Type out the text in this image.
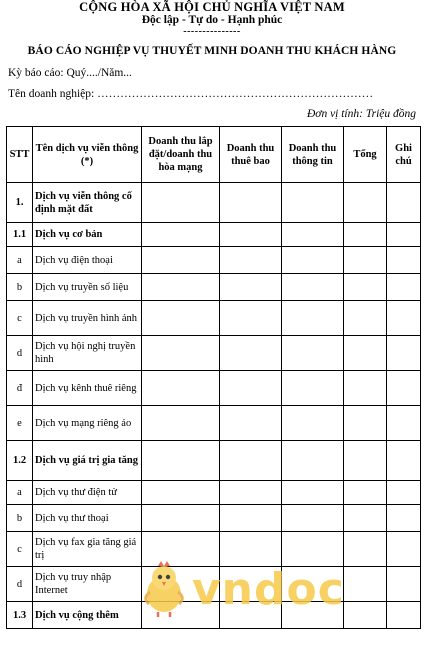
CỘNG HÒA XÃ HỘI CHỦ NGHĨA VIỆT NAM
Độc lập - Tự do - Hạnh phúc
---------------
BÁO CÁO NGHIỆP VỤ THUYẾT MINH DOANH THU KHÁCH HÀNG
Kỳ báo cáo: Quý..../Năm...
Tên doanh nghiệp: ………………………………………………………………
Đơn vị tính: Triệu đồng
STT	Tên dịch vụ viễn thông (*)	Doanh thu lắp đặt/doanh thu hòa mạng	Doanh thu thuê bao	Doanh thu thông tin	Tổng	Ghi chú
1.	Dịch vụ viễn thông cố định mặt đất					
1.1	Dịch vụ cơ bản					
a	Dịch vụ điện thoại					
b	Dịch vụ truyền số liệu					
c	Dịch vụ truyền hình ảnh					
d	Dịch vụ hội nghị truyền hình					
đ	Dịch vụ kênh thuê riêng					
e	Dịch vụ mạng riêng ảo					
1.2	Dịch vụ giá trị gia tăng					
a	Dịch vụ thư điện tử					
b	Dịch vụ thư thoại					
c	Dịch vụ fax gia tăng giá trị					
d	Dịch vụ truy nhập Internet					
1.3	Dịch vụ cộng thêm					vndoc
